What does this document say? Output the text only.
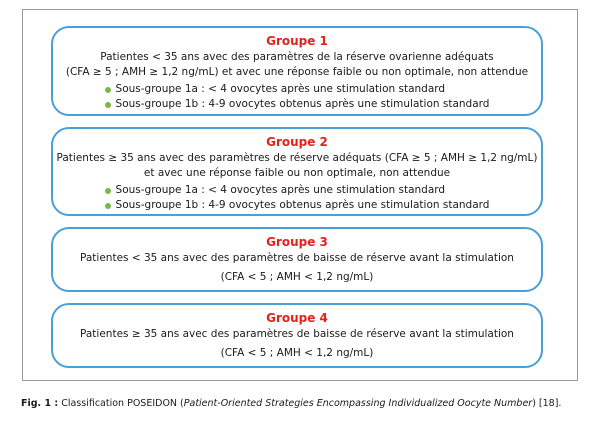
Groupe 1

Patientes < 35 ans avec des paramètres de la réserve ovarienne adéquats

(CFA ≥ 5 ; AMH ≥ 1,2 ng/mL) et avec une réponse faible ou non optimale, non attendue

Sous-groupe 1a : < 4 ovocytes après une stimulation standard
Sous-groupe 1b : 4-9 ovocytes obtenus après une stimulation standard
Groupe 2

Patientes ≥ 35 ans avec des paramètres de réserve adéquats (CFA ≥ 5 ; AMH ≥ 1,2 ng/mL)

et avec une réponse faible ou non optimale, non attendue

Sous-groupe 1a : < 4 ovocytes après une stimulation standard
Sous-groupe 1b : 4-9 ovocytes obtenus après une stimulation standard
Groupe 3

Patientes < 35 ans avec des paramètres de baisse de réserve avant la stimulation

(CFA < 5 ; AMH < 1,2 ng/mL)

Groupe 4

Patientes ≥ 35 ans avec des paramètres de baisse de réserve avant la stimulation

(CFA < 5 ; AMH < 1,2 ng/mL)

Fig. 1 : Classification POSEIDON (Patient-Oriented Strategies Encompassing Individualized Oocyte Number) [18].
